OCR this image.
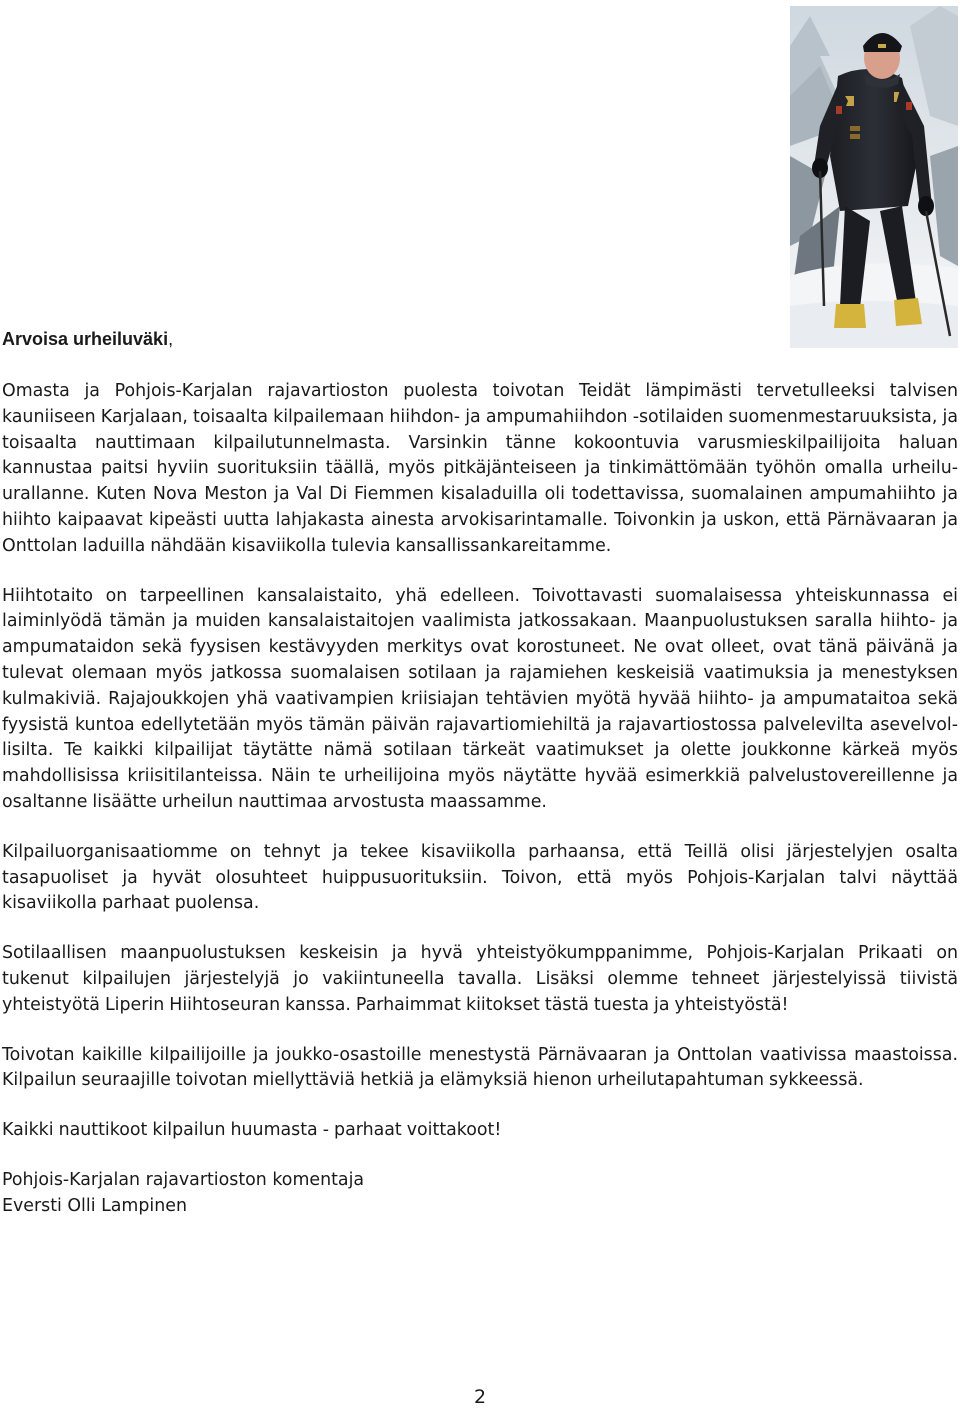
Arvoisa urheiluväki,

Omasta ja Pohjois-Karjalan rajavartioston puolesta toivotan Teidät lämpimästi tervetulleeksi talvisen kauniiseen Karjalaan, toisaalta kilpailemaan hiihdon- ja ampumahiihdon -sotilaiden suomenmestaruuksista, ja toisaalta nauttimaan kilpailutunnelmasta. Varsinkin tänne kokoontuvia varusmieskilpailijoita haluan kannustaa paitsi hyviin suorituksiin täällä, myös pitkäjänteiseen ja tinkimättömään työhön omalla urheilu-urallanne. Kuten Nova Meston ja Val Di Fiemmen kisaladuilla oli todettavissa, suomalainen ampumahiihto ja hiihto kaipaavat kipeästi uutta lahjakasta ainesta arvokisarintamalle. Toivonkin ja uskon, että Pärnävaaran ja Onttolan laduilla nähdään kisaviikolla tulevia kansallissankareitamme.

Hiihtotaito on tarpeellinen kansalaistaito, yhä edelleen. Toivottavasti suomalaisessa yhteiskunnassa ei laiminlyödä tämän ja muiden kansalaistaitojen vaalimista jatkossakaan. Maanpuolustuksen saralla hiihto- ja ampumataidon sekä fyysisen kestävyyden merkitys ovat korostuneet. Ne ovat olleet, ovat tänä päivänä ja tulevat olemaan myös jatkossa suomalaisen sotilaan ja rajamiehen keskeisiä vaatimuksia ja menestyksen kulmakiviä. Rajajoukkojen yhä vaativampien kriisiajan tehtävien myötä hyvää hiihto- ja ampumataitoa sekä fyysistä kuntoa edellytetään myös tämän päivän rajavartiomiehiltä ja rajavartiostossa palvelevilta asevelvollisilta. Te kaikki kilpailijat täytätte nämä sotilaan tärkeät vaatimukset ja olette joukkonne kärkeä myös mahdollisissa kriisitilanteissa. Näin te urheilijoina myös näytätte hyvää esimerkkiä palvelustovereillenne ja osaltanne lisäätte urheilun nauttimaa arvostusta maassamme.

Kilpailuorganisaatiomme on tehnyt ja tekee kisaviikolla parhaansa, että Teillä olisi järjestelyjen osalta tasapuoliset ja hyvät olosuhteet huippusuorituksiin. Toivon, että myös Pohjois-Karjalan talvi näyttää kisaviikolla parhaat puolensa.

Sotilaallisen maanpuolustuksen keskeisin ja hyvä yhteistyökumppanimme, Pohjois-Karjalan Prikaati on tukenut kilpailujen järjestelyjä jo vakiintuneella tavalla. Lisäksi olemme tehneet järjestelyissä tiivistä yhteistyötä Liperin Hiihtoseuran kanssa. Parhaimmat kiitokset tästä tuesta ja yhteistyöstä!

Toivotan kaikille kilpailijoille ja joukko-osastoille menestystä Pärnävaaran ja Onttolan vaativissa maastoissa. Kilpailun seuraajille toivotan miellyttäviä hetkiä ja elämyksiä hienon urheilutapahtuman sykkeessä.

Kaikki nauttikoot kilpailun huumasta - parhaat voittakoot!

Pohjois-Karjalan rajavartioston komentaja

Eversti Olli Lampinen

2
